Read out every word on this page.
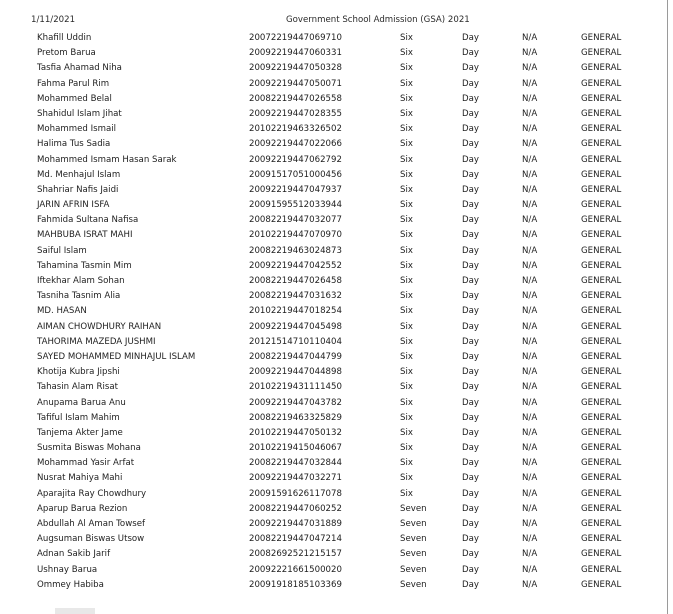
1/11/2021	Government School Admission (GSA) 2021
Khafill Uddin	20072219447069710	Six	Day	N/A	GENERAL
Pretom Barua	20092219447060331	Six	Day	N/A	GENERAL
Tasfia Ahamad Niha	20092219447050328	Six	Day	N/A	GENERAL
Fahma Parul Rim	20092219447050071	Six	Day	N/A	GENERAL
Mohammed Belal	20082219447026558	Six	Day	N/A	GENERAL
Shahidul Islam Jihat	20092219447028355	Six	Day	N/A	GENERAL
Mohammed Ismail	20102219463326502	Six	Day	N/A	GENERAL
Halima Tus Sadia	20092219447022066	Six	Day	N/A	GENERAL
Mohammed Ismam Hasan Sarak	20092219447062792	Six	Day	N/A	GENERAL
Md. Menhajul Islam	20091517051000456	Six	Day	N/A	GENERAL
Shahriar Nafis Jaidi	20092219447047937	Six	Day	N/A	GENERAL
JARIN AFRIN ISFA	20091595512033944	Six	Day	N/A	GENERAL
Fahmida Sultana Nafisa	20082219447032077	Six	Day	N/A	GENERAL
MAHBUBA ISRAT MAHI	20102219447070970	Six	Day	N/A	GENERAL
Saiful Islam	20082219463024873	Six	Day	N/A	GENERAL
Tahamina Tasmin Mim	20092219447042552	Six	Day	N/A	GENERAL
Iftekhar Alam Sohan	20082219447026458	Six	Day	N/A	GENERAL
Tasniha Tasnim Alia	20082219447031632	Six	Day	N/A	GENERAL
MD. HASAN	20102219447018254	Six	Day	N/A	GENERAL
AIMAN CHOWDHURY RAIHAN	20092219447045498	Six	Day	N/A	GENERAL
TAHORIMA MAZEDA JUSHMI	20121514710110404	Six	Day	N/A	GENERAL
SAYED MOHAMMED MINHAJUL ISLAM	20082219447044799	Six	Day	N/A	GENERAL
Khotija Kubra Jipshi	20092219447044898	Six	Day	N/A	GENERAL
Tahasin Alam Risat	20102219431111450	Six	Day	N/A	GENERAL
Anupama Barua Anu	20092219447043782	Six	Day	N/A	GENERAL
Tafiful Islam Mahim	20082219463325829	Six	Day	N/A	GENERAL
Tanjema Akter Jame	20102219447050132	Six	Day	N/A	GENERAL
Susmita Biswas Mohana	20102219415046067	Six	Day	N/A	GENERAL
Mohammad Yasir Arfat	20082219447032844	Six	Day	N/A	GENERAL
Nusrat Mahiya Mahi	20092219447032271	Six	Day	N/A	GENERAL
Aparajita Ray Chowdhury	20091591626117078	Six	Day	N/A	GENERAL
Aparup Barua Rezion	20082219447060252	Seven	Day	N/A	GENERAL
Abdullah Al Aman Towsef	20092219447031889	Seven	Day	N/A	GENERAL
Augsuman Biswas Utsow	20082219447047214	Seven	Day	N/A	GENERAL
Adnan Sakib Jarif	20082692521215157	Seven	Day	N/A	GENERAL
Ushnay Barua	20092221661500020	Seven	Day	N/A	GENERAL
Ommey Habiba	20091918185103369	Seven	Day	N/A	GENERAL
